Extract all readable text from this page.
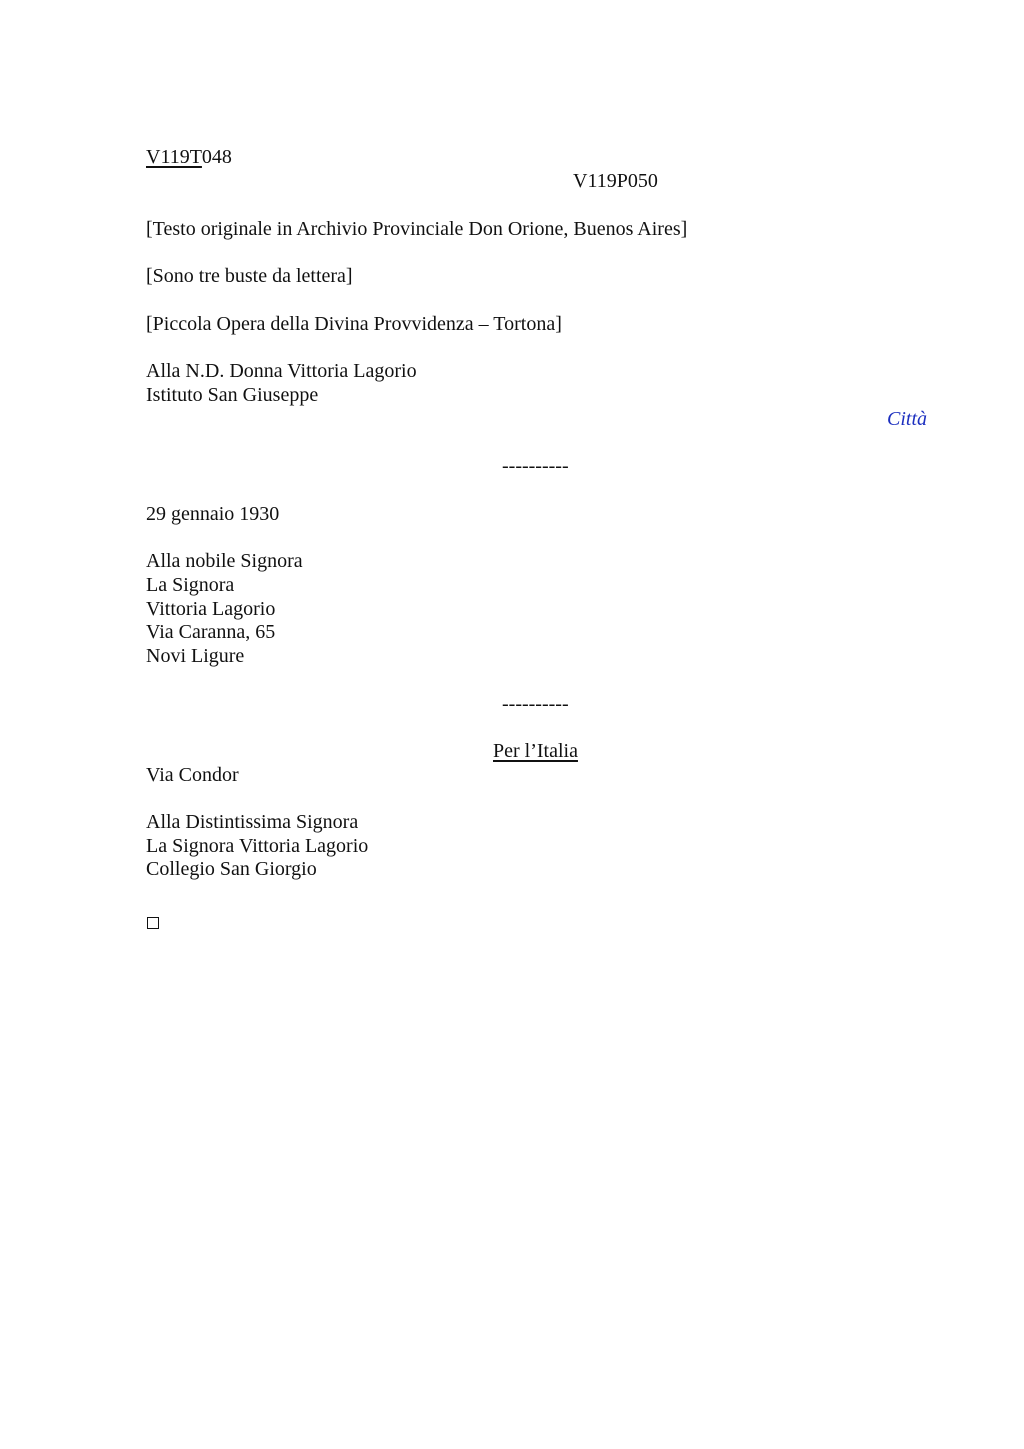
V119T048
V119P050
[Testo originale in Archivio Provinciale Don Orione, Buenos Aires]
[Sono tre buste da lettera]
[Piccola Opera della Divina Provvidenza – Tortona]
Alla N.D. Donna Vittoria Lagorio
Istituto San Giuseppe
Città
----------
29 gennaio 1930
Alla nobile Signora
La Signora
Vittoria Lagorio
Via Caranna, 65
Novi Ligure
----------
Per l’Italia
Via Condor
Alla Distintissima Signora
La Signora Vittoria Lagorio
Collegio San Giorgio
